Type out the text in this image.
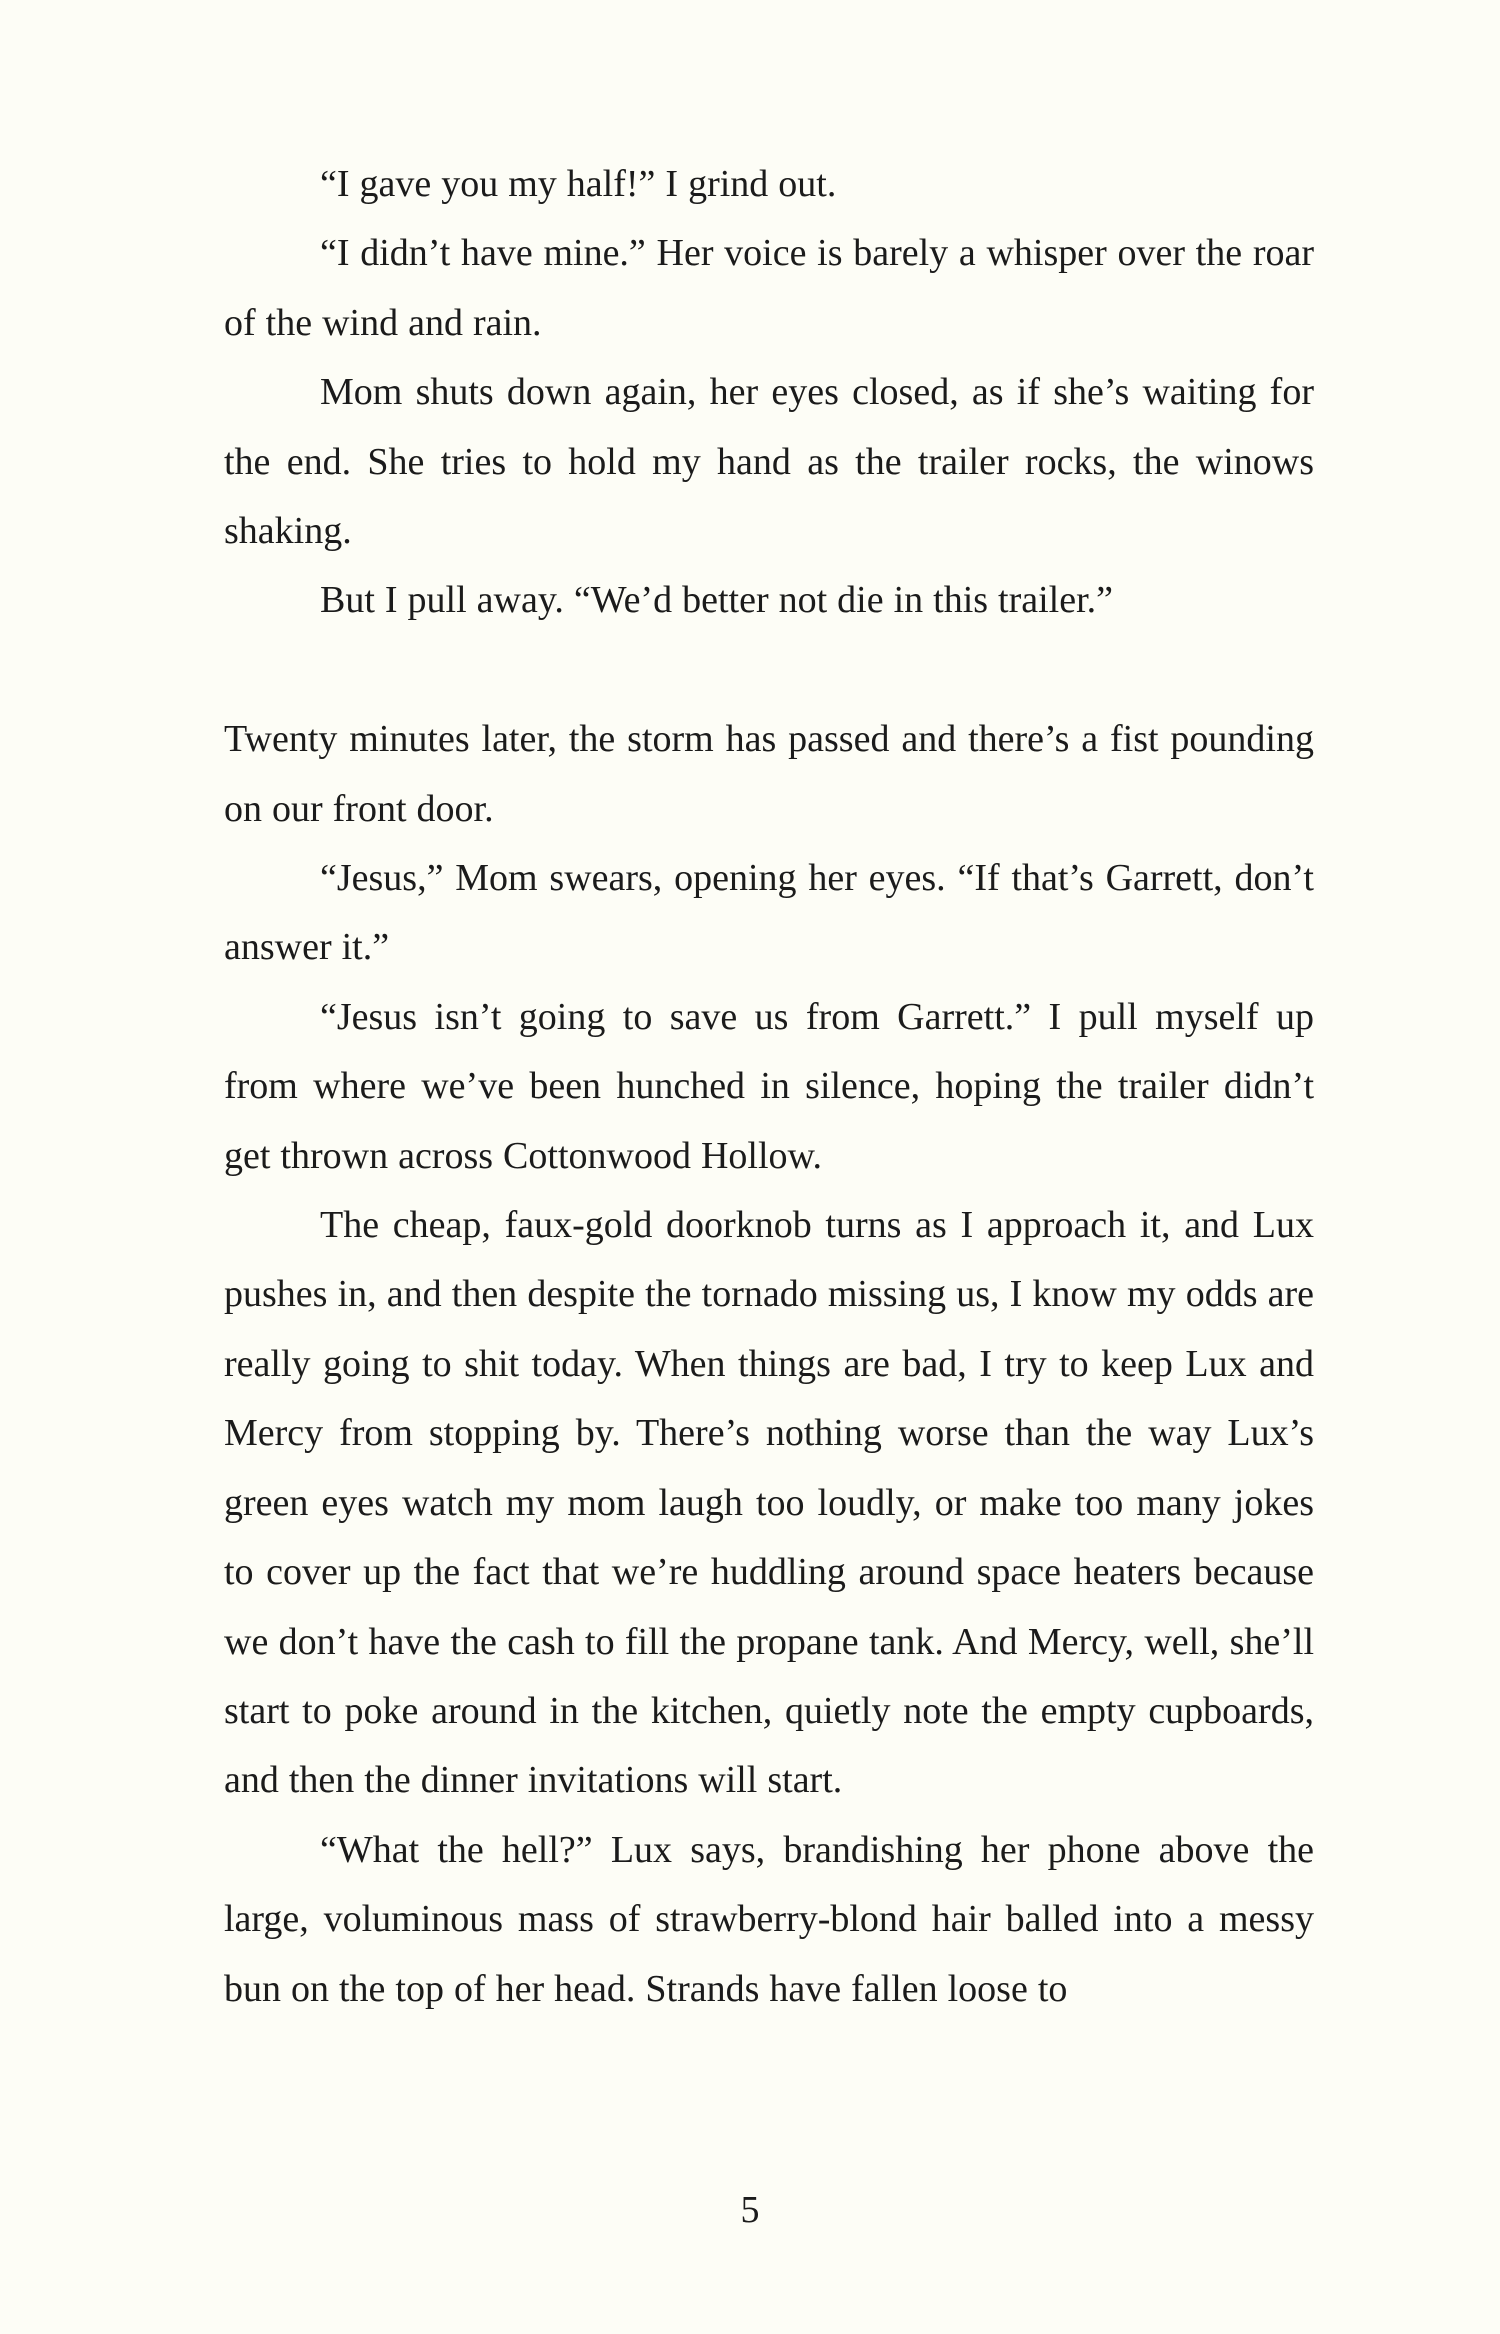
“I gave you my half!” I grind out.

“I didn’t have mine.” Her voice is barely a whisper over the roar of the wind and rain.

Mom shuts down again, her eyes closed, as if she’s waiting for the end. She tries to hold my hand as the trailer rocks, the winows shaking.

But I pull away. “We’d better not die in this trailer.”

Twenty minutes later, the storm has passed and there’s a fist pounding on our front door.

“Jesus,” Mom swears, opening her eyes. “If that’s Garrett, don’t answer it.”

“Jesus isn’t going to save us from Garrett.” I pull myself up from where we’ve been hunched in silence, hoping the trailer didn’t get thrown across Cottonwood Hollow.

The cheap, faux-gold doorknob turns as I approach it, and Lux pushes in, and then despite the tornado missing us, I know my odds are really going to shit today. When things are bad, I try to keep Lux and Mercy from stopping by. There’s nothing worse than the way Lux’s green eyes watch my mom laugh too loudly, or make too many jokes to cover up the fact that we’re huddling around space heaters because we don’t have the cash to fill the propane tank. And Mercy, well, she’ll start to poke around in the kitchen, quietly note the empty cupboards, and then the dinner invitations will start.

“What the hell?” Lux says, brandishing her phone above the large, voluminous mass of strawberry-blond hair balled into a messy bun on the top of her head. Strands have fallen loose to

5
